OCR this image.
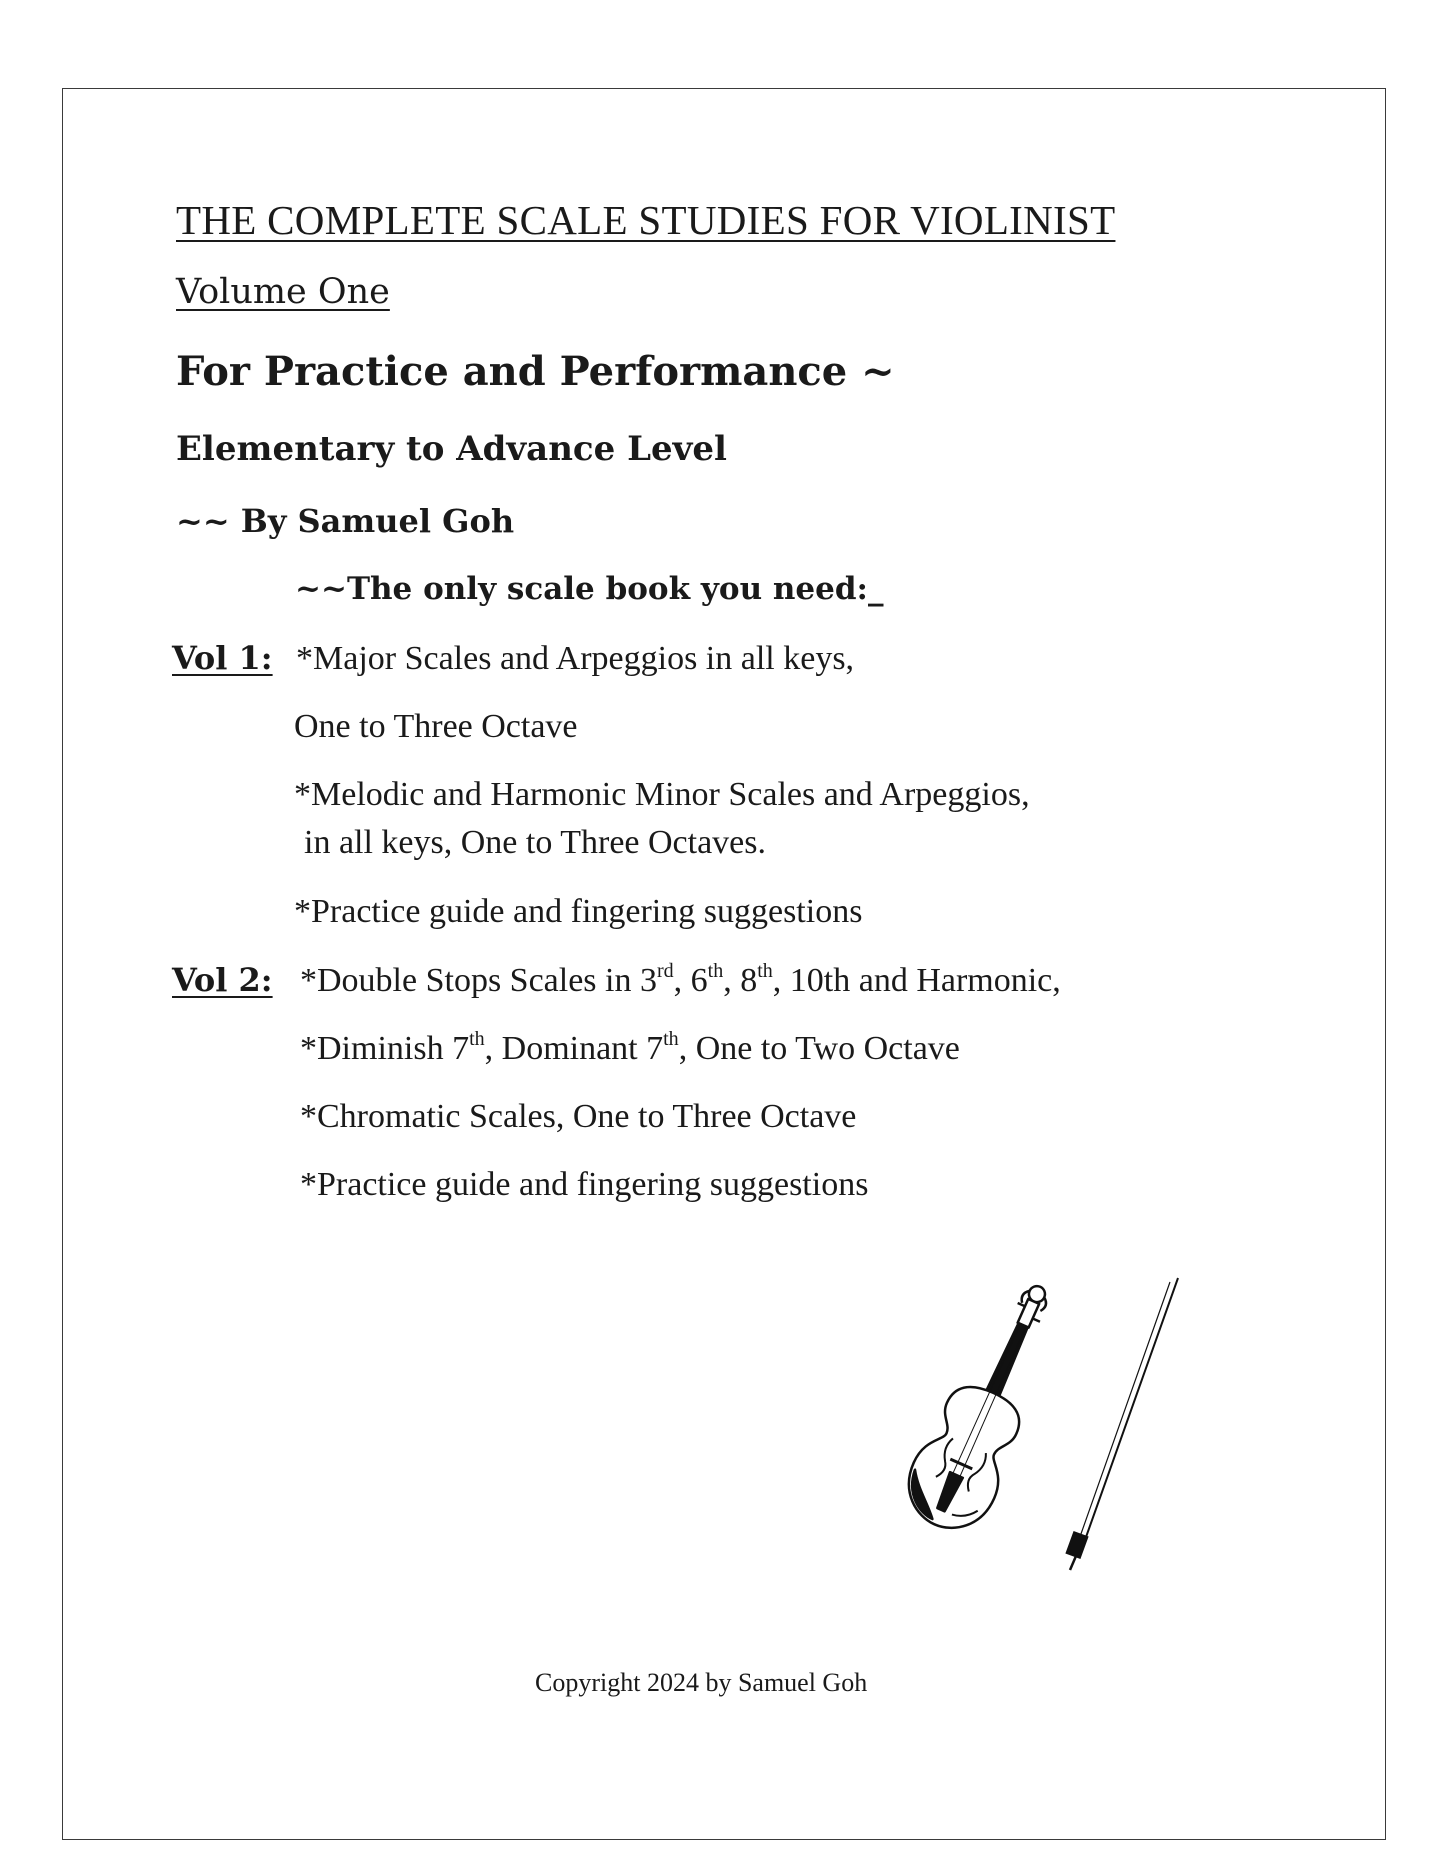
THE COMPLETE SCALE STUDIES FOR VIOLINIST
Volume One
For Practice and Performance ~
Elementary to Advance Level
~~ By Samuel Goh
~~The only scale book you need:_
Vol 1: *Major Scales and Arpeggios in all keys,
One to Three Octave
*Melodic and Harmonic Minor Scales and Arpeggios,
in all keys, One to Three Octaves.
*Practice guide and fingering suggestions
Vol 2: *Double Stops Scales in 3rd, 6th, 8th, 10th and Harmonic,
*Diminish 7th, Dominant 7th, One to Two Octave
*Chromatic Scales, One to Three Octave
*Practice guide and fingering suggestions
Copyright 2024 by Samuel Goh
